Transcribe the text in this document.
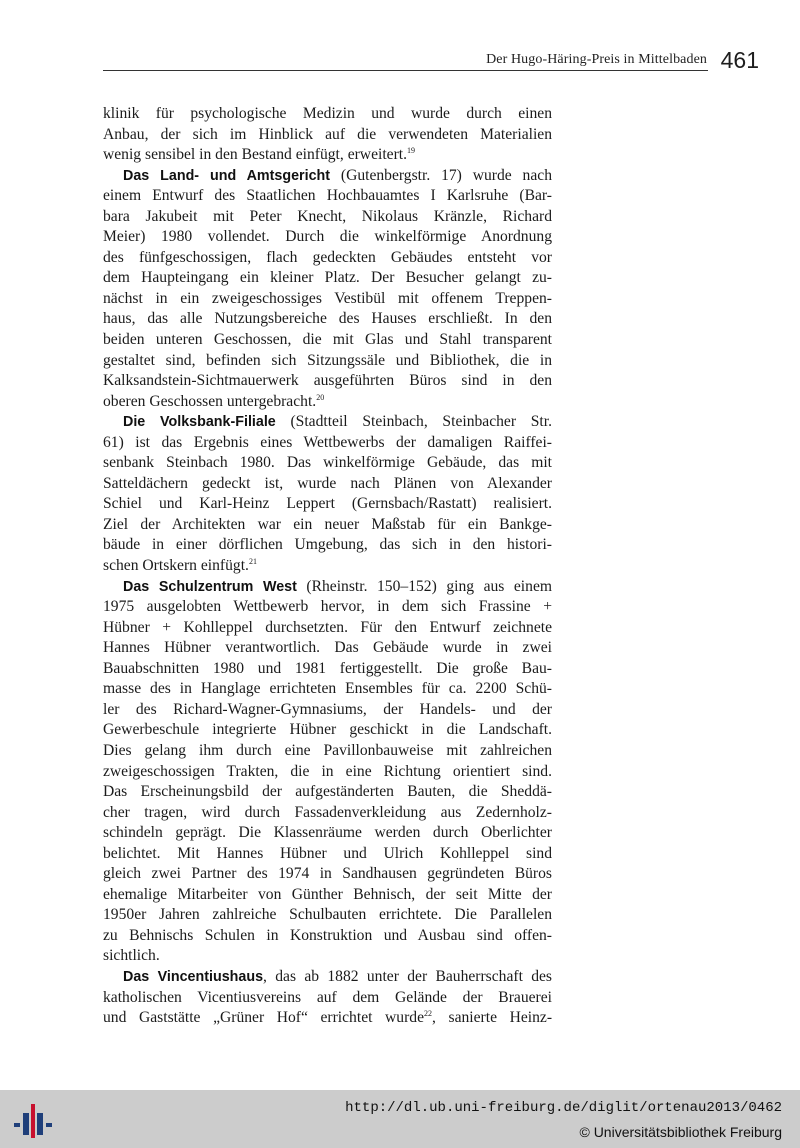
Der Hugo-Häring-Preis in Mittelbaden 461
klinik für psychologische Medizin und wurde durch einen
Anbau, der sich im Hinblick auf die verwendeten Materialien
wenig sensibel in den Bestand einfügt, erweitert.$^{19}$
Das Land- und Amtsgericht (Gutenbergstr. 17) wurde nach
einem Entwurf des Staatlichen Hochbauamtes I Karlsruhe (Bar-
bara Jakubeit mit Peter Knecht, Nikolaus Kränzle, Richard
Meier) 1980 vollendet. Durch die winkelförmige Anordnung
des fünfgeschossigen, flach gedeckten Gebäudes entsteht vor
dem Haupteingang ein kleiner Platz. Der Besucher gelangt zu-
nächst in ein zweigeschossiges Vestibül mit offenem Treppen-
haus, das alle Nutzungsbereiche des Hauses erschließt. In den
beiden unteren Geschossen, die mit Glas und Stahl transparent
gestaltet sind, befinden sich Sitzungssäle und Bibliothek, die in
Kalksandstein-Sichtmauerwerk ausgeführten Büros sind in den
oberen Geschossen untergebracht.$^{20}$
Die Volksbank-Filiale (Stadtteil Steinbach, Steinbacher Str.
61) ist das Ergebnis eines Wettbewerbs der damaligen Raiffei-
senbank Steinbach 1980. Das winkelförmige Gebäude, das mit
Satteldächern gedeckt ist, wurde nach Plänen von Alexander
Schiel und Karl-Heinz Leppert (Gernsbach/Rastatt) realisiert.
Ziel der Architekten war ein neuer Maßstab für ein Bankge-
bäude in einer dörflichen Umgebung, das sich in den histori-
schen Ortskern einfügt.$^{21}$
Das Schulzentrum West (Rheinstr. 150–152) ging aus einem
1975 ausgelobten Wettbewerb hervor, in dem sich Frassine +
Hübner + Kohlleppel durchsetzten. Für den Entwurf zeichnete
Hannes Hübner verantwortlich. Das Gebäude wurde in zwei
Bauabschnitten 1980 und 1981 fertiggestellt. Die große Bau-
masse des in Hanglage errichteten Ensembles für ca. 2200 Schü-
ler des Richard-Wagner-Gymnasiums, der Handels- und der
Gewerbeschule integrierte Hübner geschickt in die Landschaft.
Dies gelang ihm durch eine Pavillonbauweise mit zahlreichen
zweigeschossigen Trakten, die in eine Richtung orientiert sind.
Das Erscheinungsbild der aufgeständerten Bauten, die Sheddä-
cher tragen, wird durch Fassadenverkleidung aus Zedernholz-
schindeln geprägt. Die Klassenräume werden durch Oberlichter
belichtet. Mit Hannes Hübner und Ulrich Kohlleppel sind
gleich zwei Partner des 1974 in Sandhausen gegründeten Büros
ehemalige Mitarbeiter von Günther Behnisch, der seit Mitte der
1950er Jahren zahlreiche Schulbauten errichtete. Die Parallelen
zu Behnischs Schulen in Konstruktion und Ausbau sind offen-
sichtlich.
Das Vincentiushaus, das ab 1882 unter der Bauherrschaft des
katholischen Vicentiusvereins auf dem Gelände der Brauerei
und Gaststätte „Grüner Hof“ errichtet wurde$^{22}$, sanierte Heinz-
http://dl.ub.uni-freiburg.de/diglit/ortenau2013/0462
© Universitätsbibliothek Freiburg
